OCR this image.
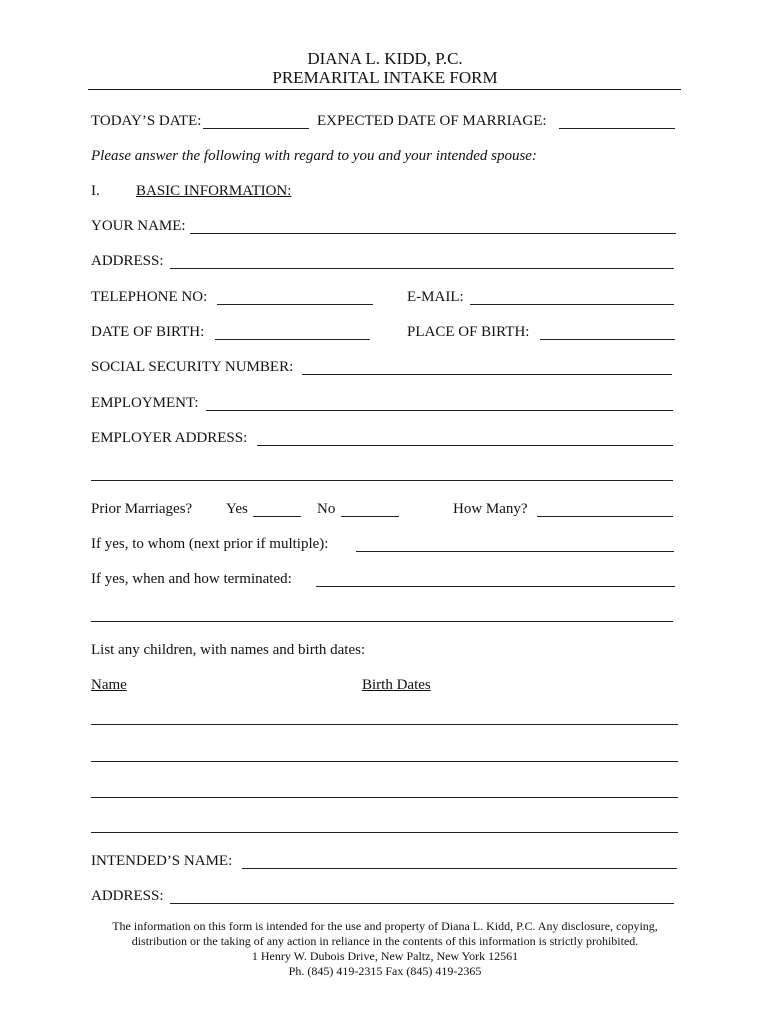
DIANA L. KIDD, P.C.
PREMARITAL INTAKE FORM
TODAY’S DATE:	EXPECTED DATE OF MARRIAGE:
Please answer the following with regard to you and your intended spouse:
I. BASIC INFORMATION:
YOUR NAME:
ADDRESS:
TELEPHONE NO:	E-MAIL:
DATE OF BIRTH:	PLACE OF BIRTH:
SOCIAL SECURITY NUMBER:
EMPLOYMENT:
EMPLOYER ADDRESS:
Prior Marriages? Yes	No	How Many?
If yes, to whom (next prior if multiple):
If yes, when and how terminated:
List any children, with names and birth dates:
Name	Birth Dates
INTENDED’S NAME:
ADDRESS:
The information on this form is intended for the use and property of Diana L. Kidd, P.C. Any disclosure, copying,
distribution or the taking of any action in reliance in the contents of this information is strictly prohibited.
1 Henry W. Dubois Drive, New Paltz, New York 12561
Ph. (845) 419-2315 Fax (845) 419-2365
